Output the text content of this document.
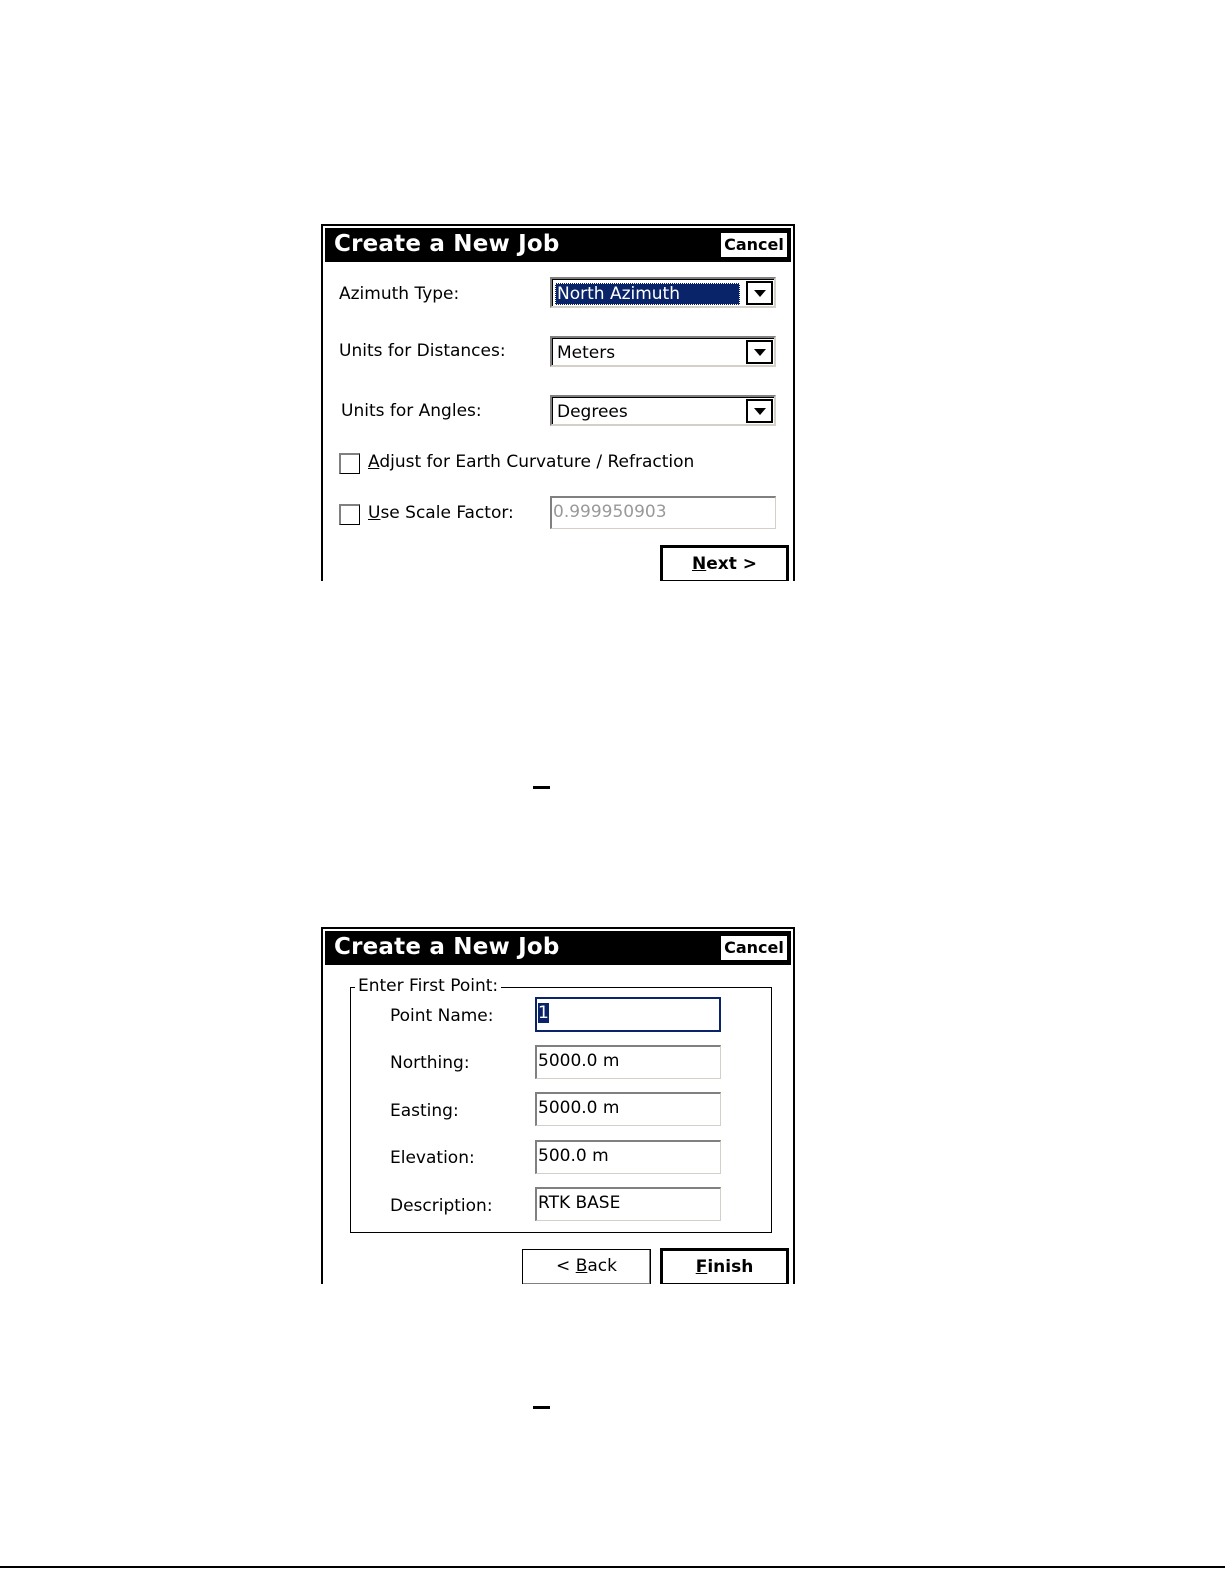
Create a New Job	Cancel
Azimuth Type:	North Azimuth
Units for Distances:	Meters
Units for Angles:	Degrees
Adjust for Earth Curvature / Refraction
Use Scale Factor: 0.999950903
Next >
Create a New Job	Cancel
Enter First Point:
Point Name:	1
Northing:	5000.0 m
Easting:	5000.0 m
Elevation:	500.0 m
Description:	RTK BASE
< Back	Finish
